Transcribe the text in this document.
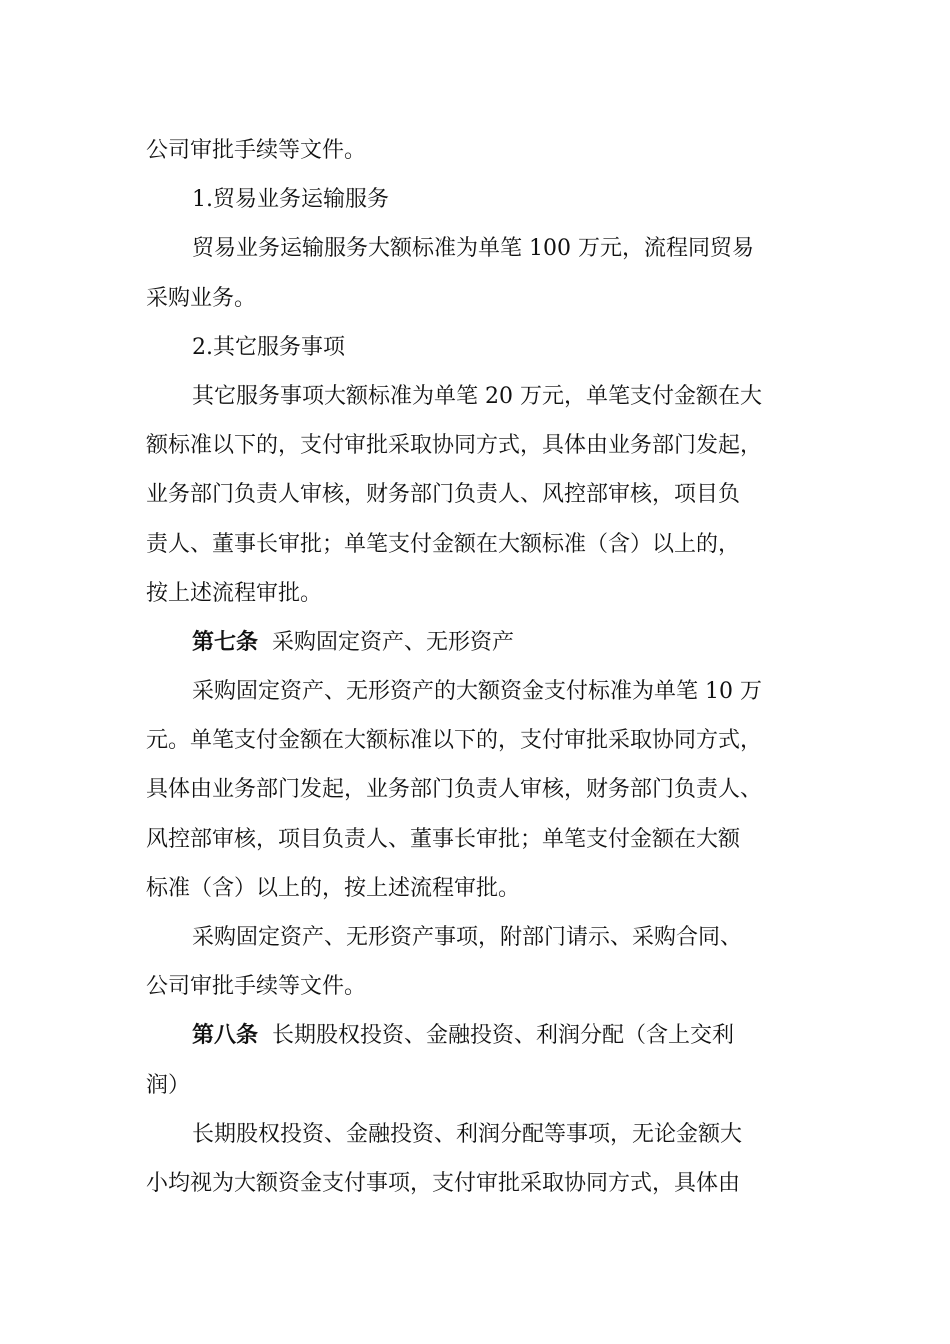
公司审批手续等文件。
1.贸易业务运输服务
贸易业务运输服务大额标准为单笔 100 万元，流程同贸易
采购业务。
2.其它服务事项
其它服务事项大额标准为单笔 20 万元，单笔支付金额在大
额标准以下的，支付审批采取协同方式，具体由业务部门发起，
业务部门负责人审核，财务部门负责人、风控部审核，项目负
责人、董事长审批；单笔支付金额在大额标准（含）以上的，
按上述流程审批。
第七条 采购固定资产、无形资产
采购固定资产、无形资产的大额资金支付标准为单笔 10 万
元。单笔支付金额在大额标准以下的，支付审批采取协同方式，
具体由业务部门发起，业务部门负责人审核，财务部门负责人、
风控部审核，项目负责人、董事长审批；单笔支付金额在大额
标准（含）以上的，按上述流程审批。
采购固定资产、无形资产事项，附部门请示、采购合同、
公司审批手续等文件。
第八条 长期股权投资、金融投资、利润分配（含上交利
润）
长期股权投资、金融投资、利润分配等事项，无论金额大
小均视为大额资金支付事项，支付审批采取协同方式，具体由
